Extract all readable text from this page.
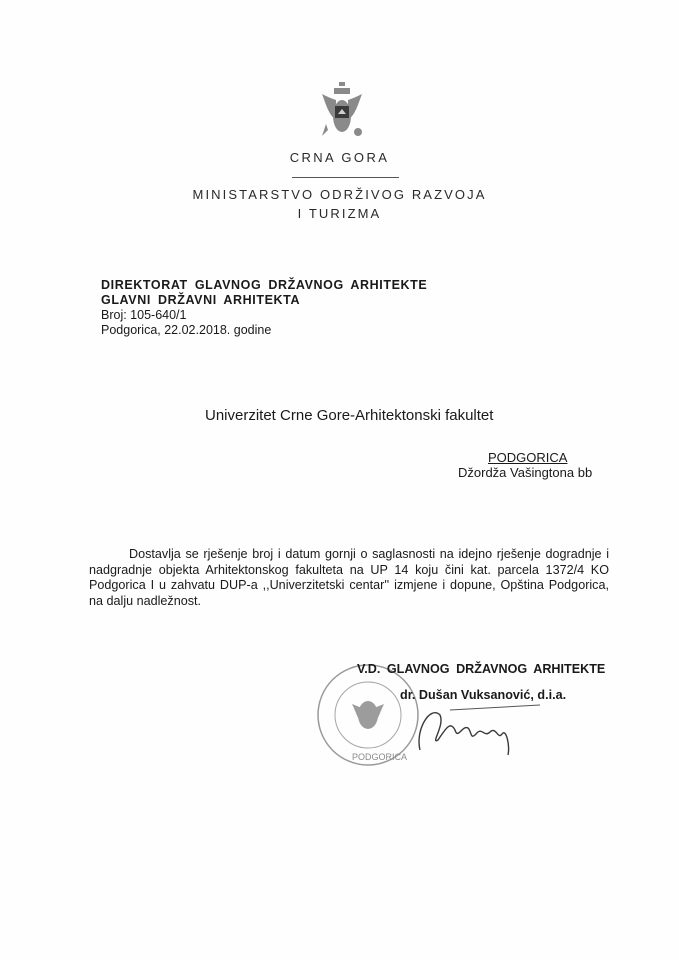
CRNA GORA
MINISTARSTVO ODRŽIVOG RAZVOJA
I TURIZMA
DIREKTORAT GLAVNOG DRŽAVNOG ARHITEKTE
GLAVNI DRŽAVNI ARHITEKTA
Broj: 105-640/1
Podgorica, 22.02.2018. godine
Univerzitet Crne Gore-Arhitektonski fakultet
PODGORICA
Džordža Vašingtona bb

Dostavlja se rješenje broj i datum gornji o saglasnosti na idejno rješenje dogradnje i nadgradnje objekta Arhitektonskog fakulteta na UP 14 koju čini kat. parcela 1372/4 KO Podgorica I u zahvatu DUP-a ,,Univerzitetski centar'' izmjene i dopune, Opština Podgorica, na dalju nadležnost.

PODGORICA
V.D. GLAVNOG DRŽAVNOG ARHITEKTE
dr. Dušan Vuksanović, d.i.a.
